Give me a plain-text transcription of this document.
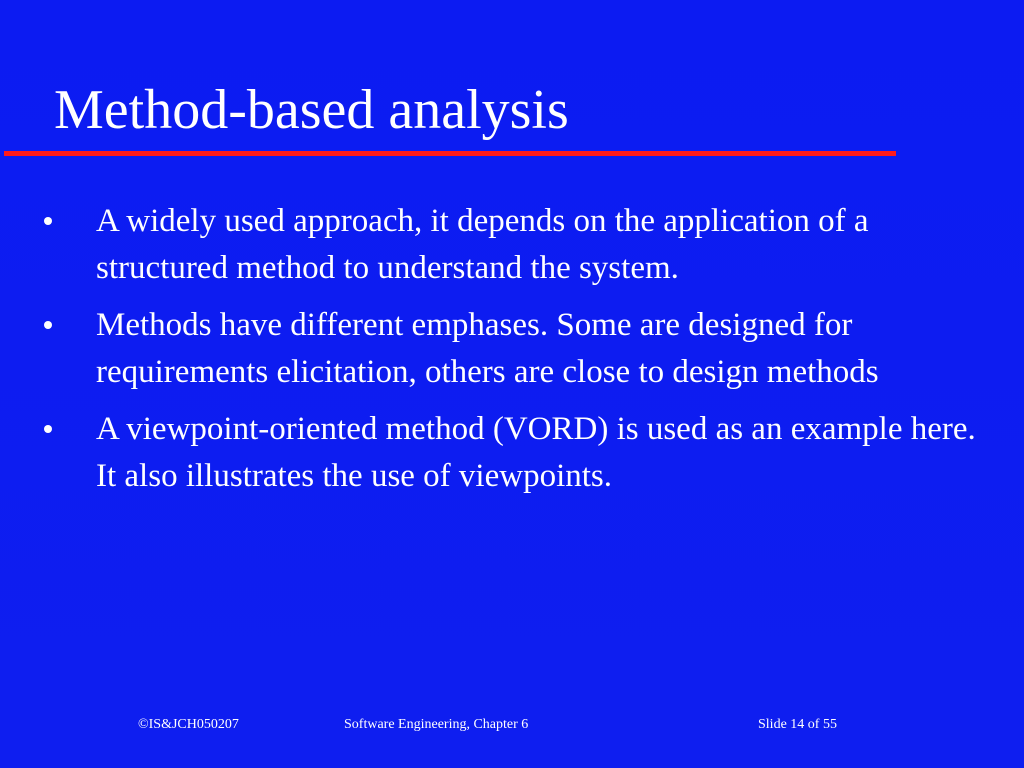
Method-based analysis
A widely used approach, it depends on the application of a structured method to understand the system.
Methods have different emphases. Some are designed for requirements elicitation, others are close to design methods
A viewpoint-oriented method (VORD) is used as an example here. It also illustrates the use of viewpoints.
©IS&JCH050207	Software Engineering, Chapter 6	Slide 14 of 55
